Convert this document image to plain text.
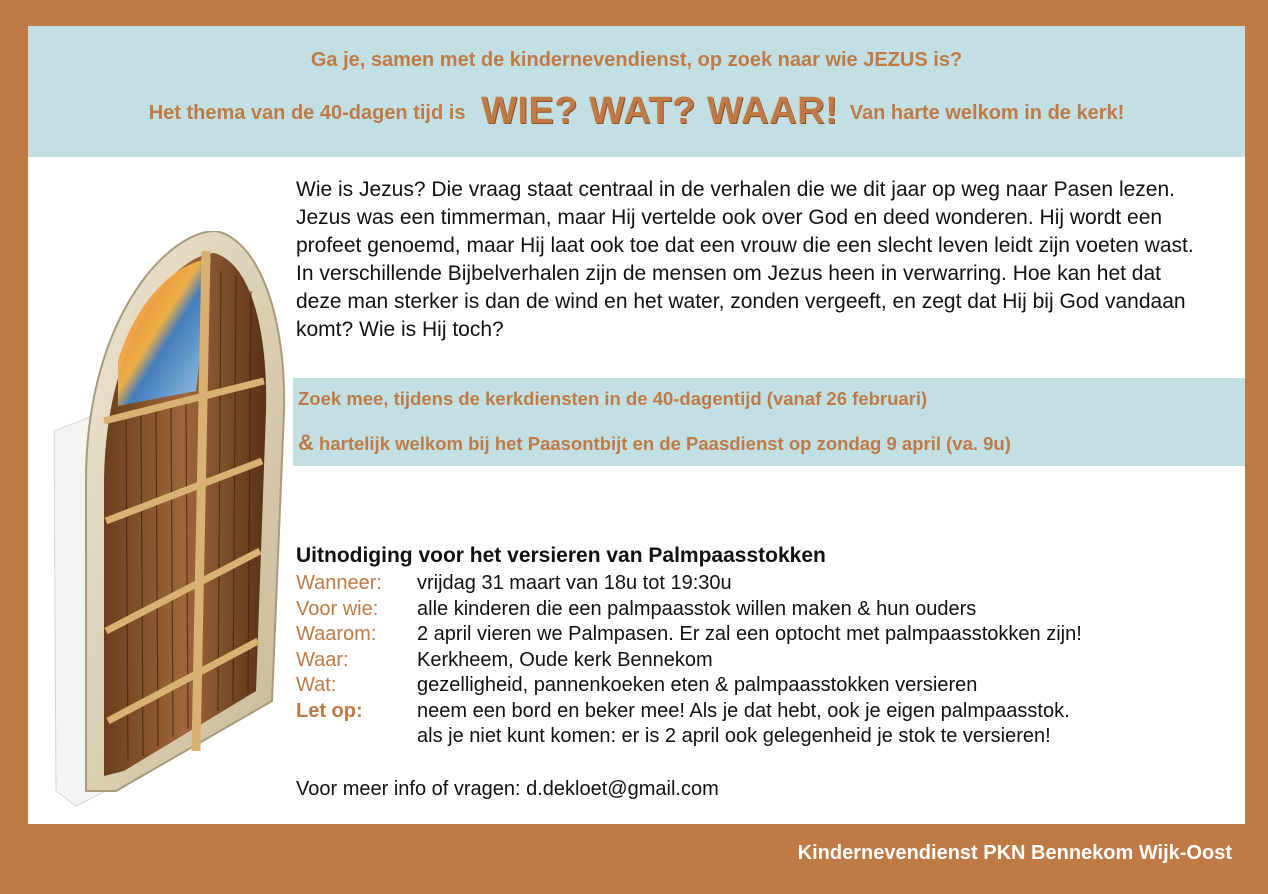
Ga je, samen met de kindernevendienst, op zoek naar wie JEZUS is?
Het thema van de 40-dagen tijd is WIE? WAT? WAAR! Van harte welkom in de kerk!
Wie is Jezus? Die vraag staat centraal in de verhalen die we dit jaar op weg naar Pasen lezen. Jezus was een timmerman, maar Hij vertelde ook over God en deed wonderen. Hij wordt een profeet genoemd, maar Hij laat ook toe dat een vrouw die een slecht leven leidt zijn voeten wast. In verschillende Bijbelverhalen zijn de mensen om Jezus heen in verwarring. Hoe kan het dat deze man sterker is dan de wind en het water, zonden vergeeft, en zegt dat Hij bij God vandaan komt? Wie is Hij toch?
Zoek mee, tijdens de kerkdiensten in de 40-dagentijd (vanaf 26 februari)
& hartelijk welkom bij het Paasontbijt en de Paasdienst op zondag 9 april (va. 9u)
Uitnodiging voor het versieren van Palmpaasstokken
Wanneer:	vrijdag 31 maart van 18u tot 19:30u
Voor wie:	alle kinderen die een palmpaasstok willen maken & hun ouders
Waarom:	2 april vieren we Palmpasen. Er zal een optocht met palmpaasstokken zijn!
Waar:	Kerkheem, Oude kerk Bennekom
Wat:	gezelligheid, pannenkoeken eten & palmpaasstokken versieren
Let op:	neem een bord en beker mee! Als je dat hebt, ook je eigen palmpaasstok.
als je niet kunt komen: er is 2 april ook gelegenheid je stok te versieren!
Voor meer info of vragen: d.dekloet@gmail.com
Kindernevendienst PKN Bennekom Wijk-Oost
